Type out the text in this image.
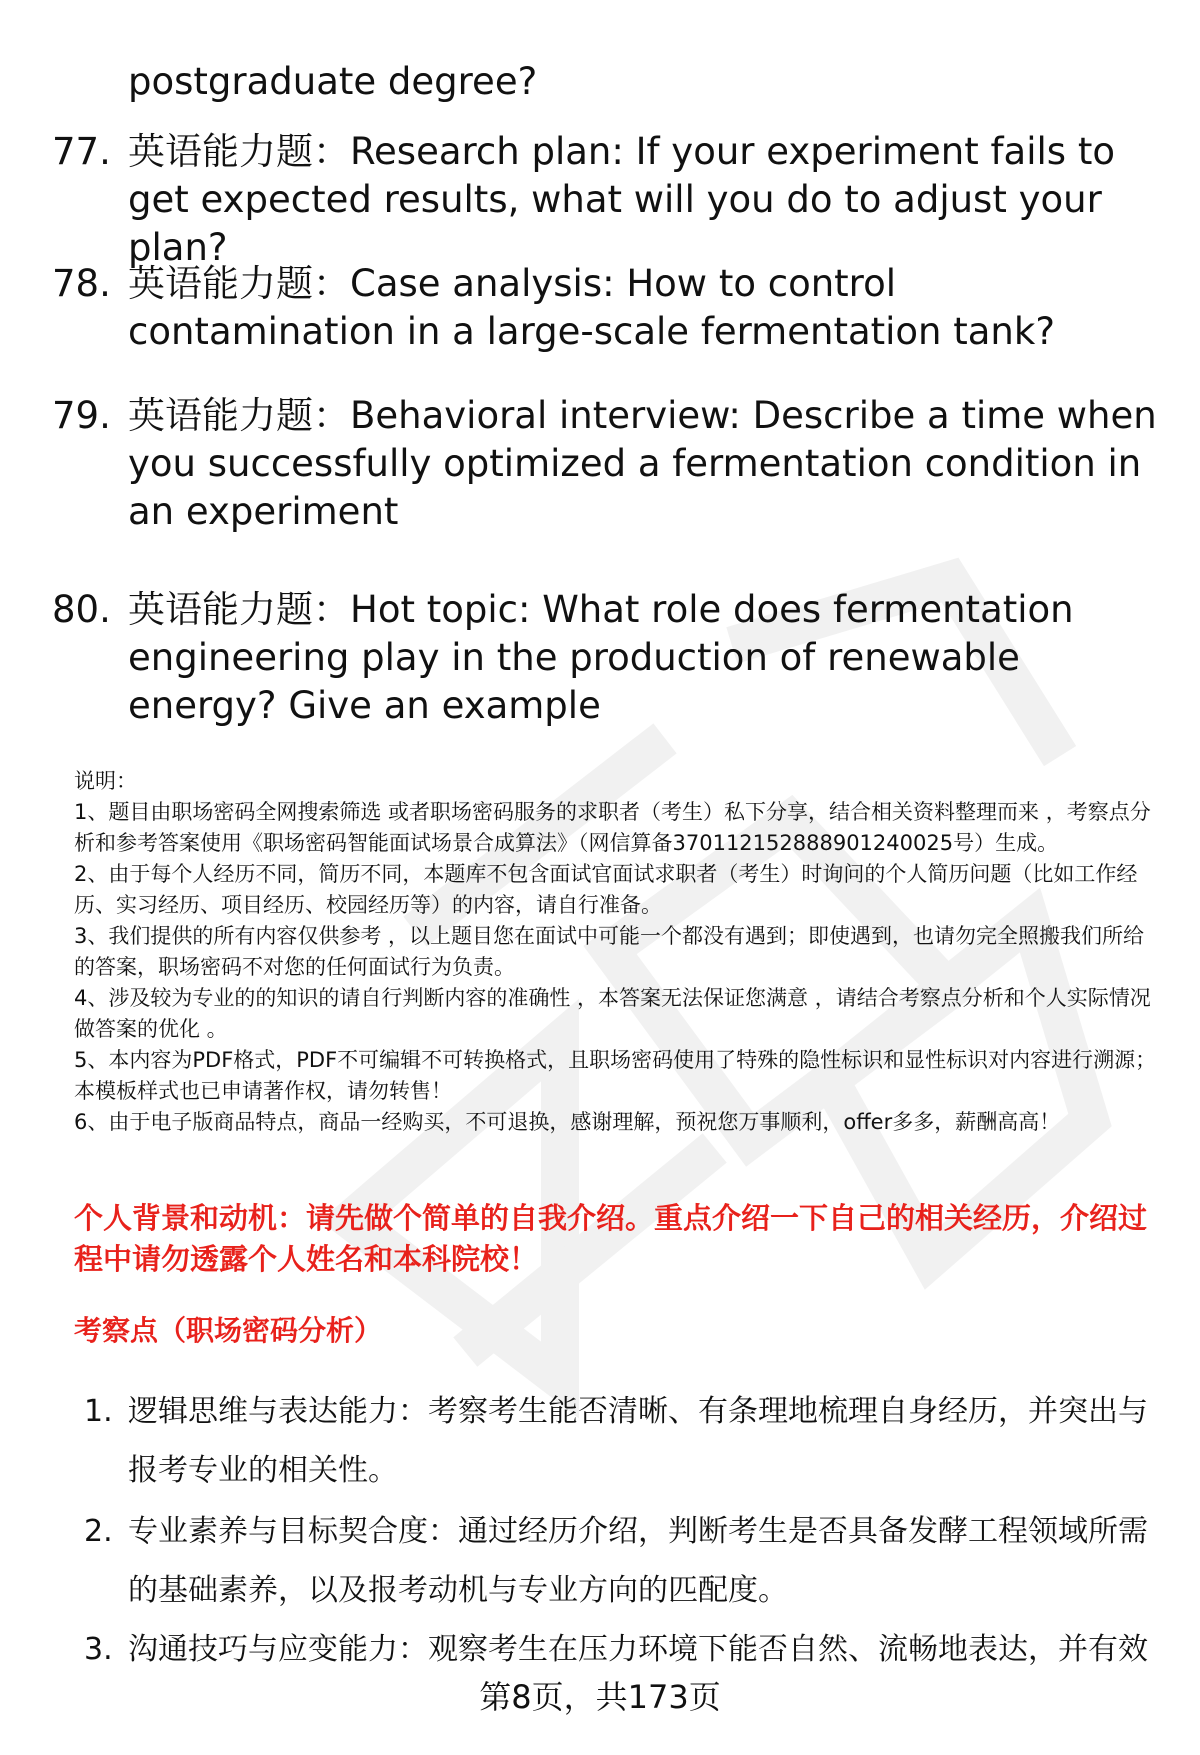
postgraduate degree?
77. 英语能力题：Research plan: If your experiment fails to get expected results, what will you do to adjust your plan?
78. 英语能力题：Case analysis: How to control contamination in a large-scale fermentation tank?
79. 英语能力题：Behavioral interview: Describe a time when you successfully optimized a fermentation condition in an experiment
80. 英语能力题：Hot topic: What role does fermentation engineering play in the production of renewable energy? Give an example
说明：
1、题目由职场密码全网搜索筛选 或者职场密码服务的求职者（考生）私下分享，结合相关资料整理而来 ，考察点分析和参考答案使用《职场密码智能面试场景合成算法》（网信算备370112152888901240025号）生成。
2、由于每个人经历不同，简历不同，本题库不包含面试官面试求职者（考生）时询问的个人简历问题（比如工作经历、实习经历、项目经历、校园经历等）的内容，请自行准备。
3、我们提供的所有内容仅供参考 ，以上题目您在面试中可能一个都没有遇到；即使遇到，也请勿完全照搬我们所给的答案，职场密码不对您的任何面试行为负责。
4、涉及较为专业的的知识的请自行判断内容的准确性 ，本答案无法保证您满意 ，请结合考察点分析和个人实际情况做答案的优化 。
5、本内容为PDF格式，PDF不可编辑不可转换格式，且职场密码使用了特殊的隐性标识和显性标识对内容进行溯源；本模板样式也已申请著作权，请勿转售！
6、由于电子版商品特点，商品一经购买，不可退换，感谢理解，预祝您万事顺利，offer多多，薪酬高高！
个人背景和动机：请先做个简单的自我介绍。重点介绍一下自己的相关经历，介绍过程中请勿透露个人姓名和本科院校！
考察点（职场密码分析）
1. 逻辑思维与表达能力：考察考生能否清晰、有条理地梳理自身经历，并突出与报考专业的相关性。
2. 专业素养与目标契合度：通过经历介绍，判断考生是否具备发酵工程领域所需的基础素养，以及报考动机与专业方向的匹配度。
3. 沟通技巧与应变能力：观察考生在压力环境下能否自然、流畅地表达，并有效
第8页，共173页
